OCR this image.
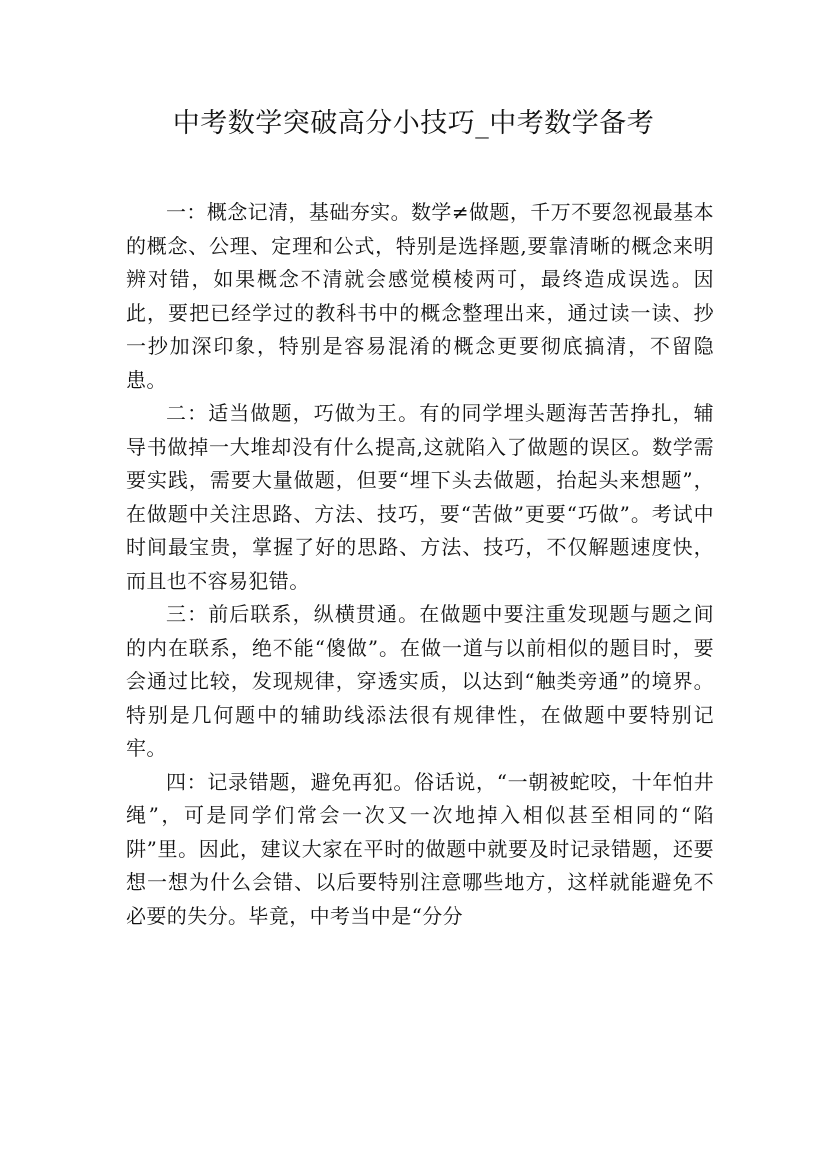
中考数学突破高分小技巧_中考数学备考

一：概念记清，基础夯实。数学≠做题，千万不要忽视最基本的概念、公理、定理和公式，特别是选择题,要靠清晰的概念来明辨对错，如果概念不清就会感觉模棱两可，最终造成误选。因此，要把已经学过的教科书中的概念整理出来，通过读一读、抄一抄加深印象，特别是容易混淆的概念更要彻底搞清，不留隐患。

二：适当做题，巧做为王。有的同学埋头题海苦苦挣扎，辅导书做掉一大堆却没有什么提高,这就陷入了做题的误区。数学需要实践，需要大量做题，但要“埋下头去做题，抬起头来想题”，在做题中关注思路、方法、技巧，要“苦做”更要“巧做”。考试中时间最宝贵，掌握了好的思路、方法、技巧，不仅解题速度快，而且也不容易犯错。

三：前后联系，纵横贯通。在做题中要注重发现题与题之间的内在联系，绝不能“傻做”。在做一道与以前相似的题目时，要会通过比较，发现规律，穿透实质，以达到“触类旁通”的境界。特别是几何题中的辅助线添法很有规律性，在做题中要特别记牢。

四：记录错题，避免再犯。俗话说，“一朝被蛇咬，十年怕井绳”，可是同学们常会一次又一次地掉入相似甚至相同的“陷阱”里。因此，建议大家在平时的做题中就要及时记录错题，还要想一想为什么会错、以后要特别注意哪些地方，这样就能避免不必要的失分。毕竟，中考当中是“分分
